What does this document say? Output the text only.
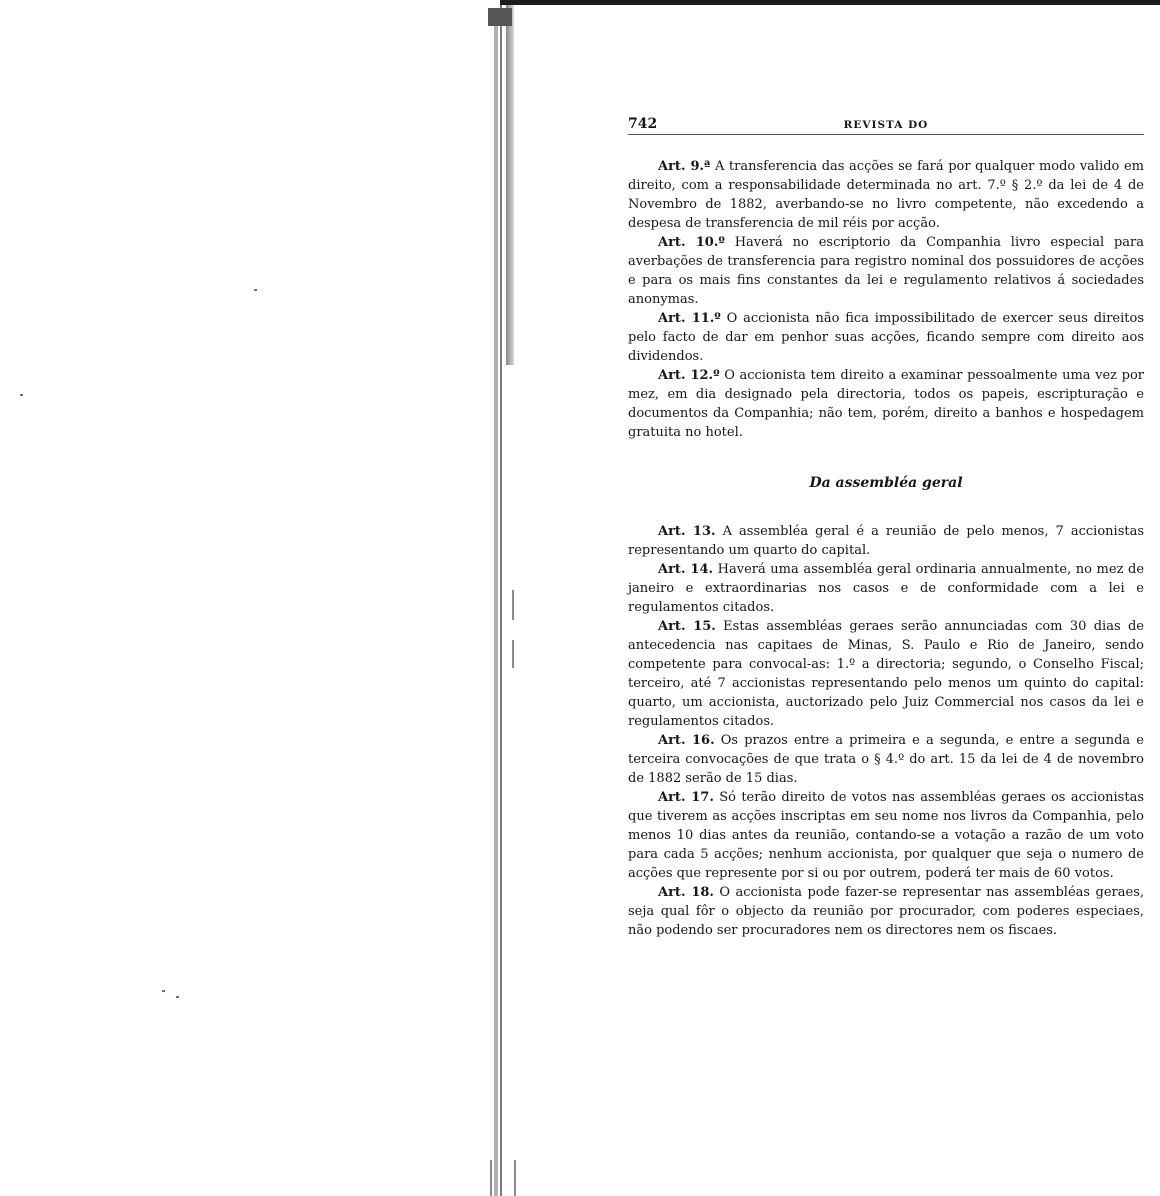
742	REVISTA DO

Art. 9.ª A transferencia das acções se fará por qualquer modo valido em direito, com a responsabilidade determinada no art. 7.º § 2.º da lei de 4 de Novembro de 1882, averbando-se no livro competente, não excedendo a despesa de transferencia de mil réis por acção.

Art. 10.º Haverá no escriptorio da Companhia livro especial para averbações de transferencia para registro nominal dos possuidores de acções e para os mais fins constantes da lei e regulamento relativos á sociedades anonymas.

Art. 11.º O accionista não fica impossibilitado de exercer seus direitos pelo facto de dar em penhor suas acções, ficando sempre com direito aos dividendos.

Art. 12.º O accionista tem direito a examinar pessoalmente uma vez por mez, em dia designado pela directoria, todos os papeis, escripturação e documentos da Companhia; não tem, porém, direito a banhos e hospedagem gratuita no hotel.

Da assembléa geral

Art. 13. A assembléa geral é a reunião de pelo menos, 7 accionistas representando um quarto do capital.

Art. 14. Haverá uma assembléa geral ordinaria annualmente, no mez de janeiro e extraordinarias nos casos e de conformidade com a lei e regulamentos citados.

Art. 15. Estas assembléas geraes serão annunciadas com 30 dias de antecedencia nas capitaes de Minas, S. Paulo e Rio de Janeiro, sendo competente para convocal-as: 1.º a directoria; segundo, o Conselho Fiscal; terceiro, até 7 accionistas representando pelo menos um quinto do capital: quarto, um accionista, auctorizado pelo Juiz Commercial nos casos da lei e regulamentos citados.

Art. 16. Os prazos entre a primeira e a segunda, e entre a segunda e terceira convocações de que trata o § 4.º do art. 15 da lei de 4 de novembro de 1882 serão de 15 dias.

Art. 17. Só terão direito de votos nas assembléas geraes os accionistas que tiverem as acções inscriptas em seu nome nos livros da Companhia, pelo menos 10 dias antes da reunião, contando-se a votação a razão de um voto para cada 5 acções; nenhum accionista, por qualquer que seja o numero de acções que represente por si ou por outrem, poderá ter mais de 60 votos.

Art. 18. O accionista pode fazer-se representar nas assembléas geraes, seja qual fôr o objecto da reunião por procurador, com poderes especiaes, não podendo ser procuradores nem os directores nem os fiscaes.
